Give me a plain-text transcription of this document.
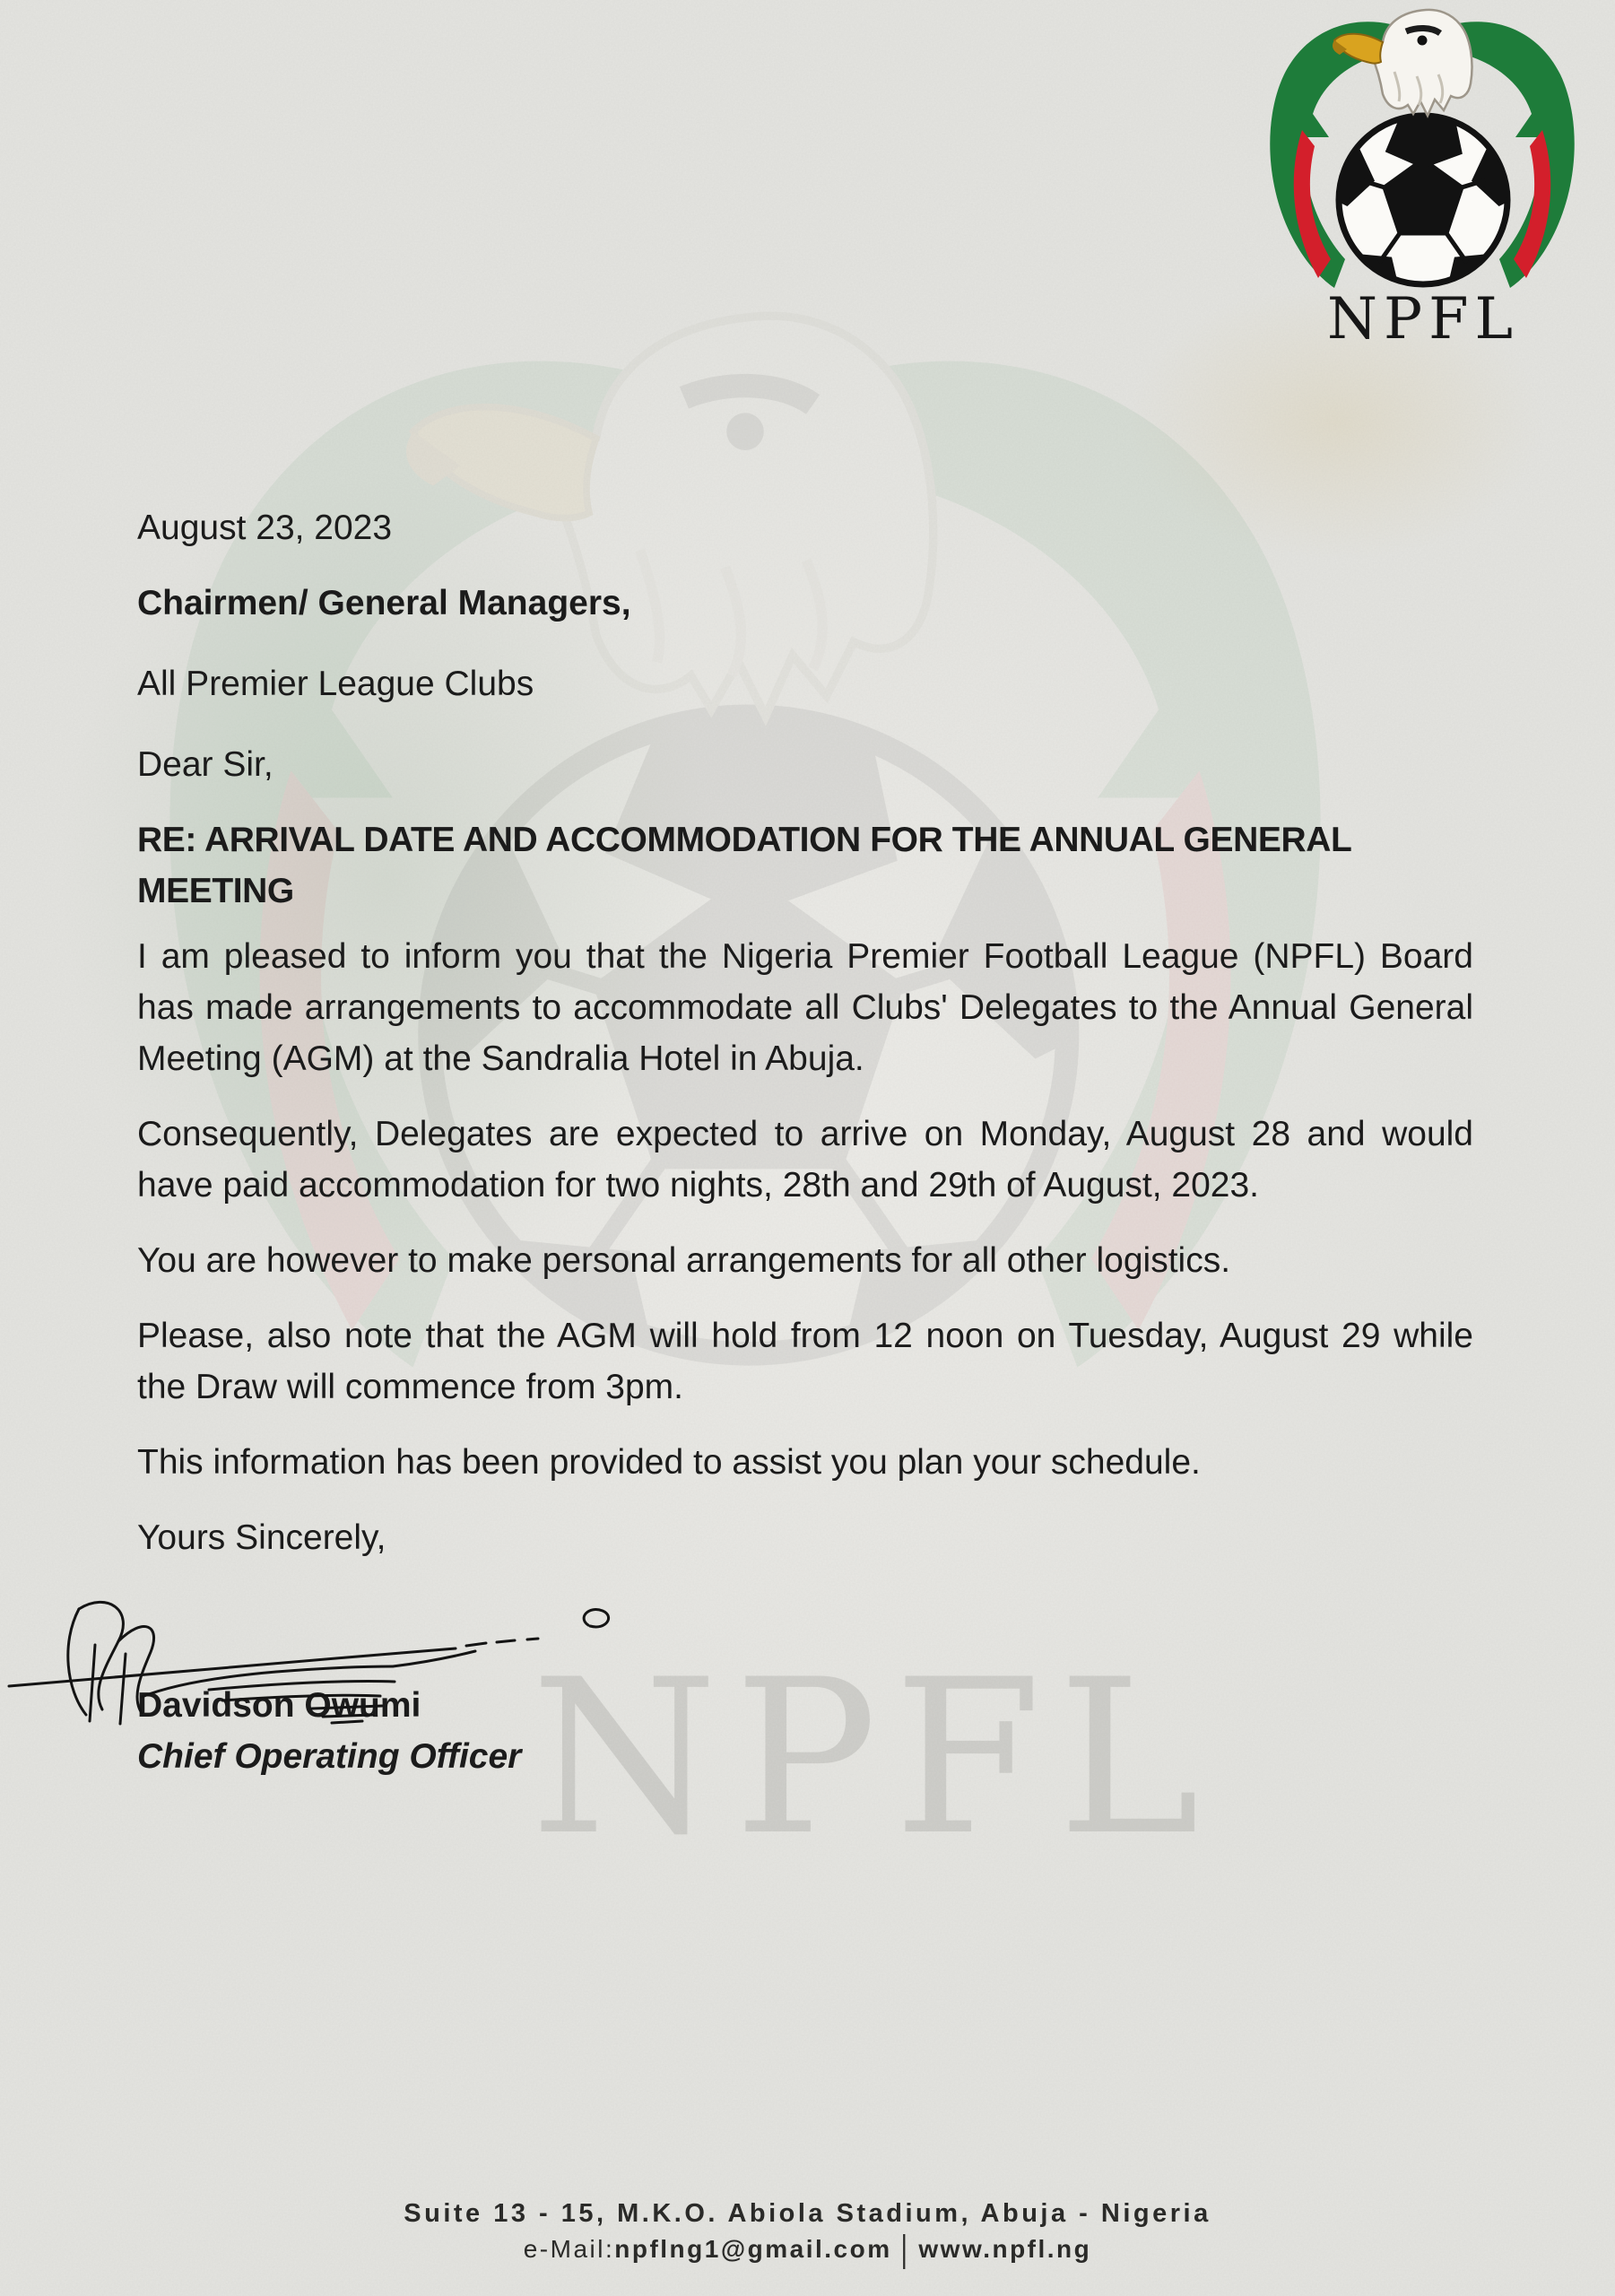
NPFL
NPFL

August 23, 2023

Chairmen/ General Managers,

All Premier League Clubs

Dear Sir,

RE: ARRIVAL DATE AND ACCOMMODATION FOR THE ANNUAL GENERAL MEETING

I am pleased to inform you that the Nigeria Premier Football League (NPFL) Board has made arrangements to accommodate all Clubs' Delegates to the Annual General Meeting (AGM) at the Sandralia Hotel in Abuja.

Consequently, Delegates are expected to arrive on Monday, August 28 and would have paid accommodation for two nights, 28th and 29th of August, 2023.

You are however to make personal arrangements for all other logistics.

Please, also note that the AGM will hold from 12 noon on Tuesday, August 29 while the Draw will commence from 3pm.

This information has been provided to assist you plan your schedule.

Yours Sincerely,

Davidson Owumi

Chief Operating Officer

Suite 13 - 15, M.K.O. Abiola Stadium, Abuja - Nigeria
e-Mail:npflng1@gmail.com | www.npfl.ng
